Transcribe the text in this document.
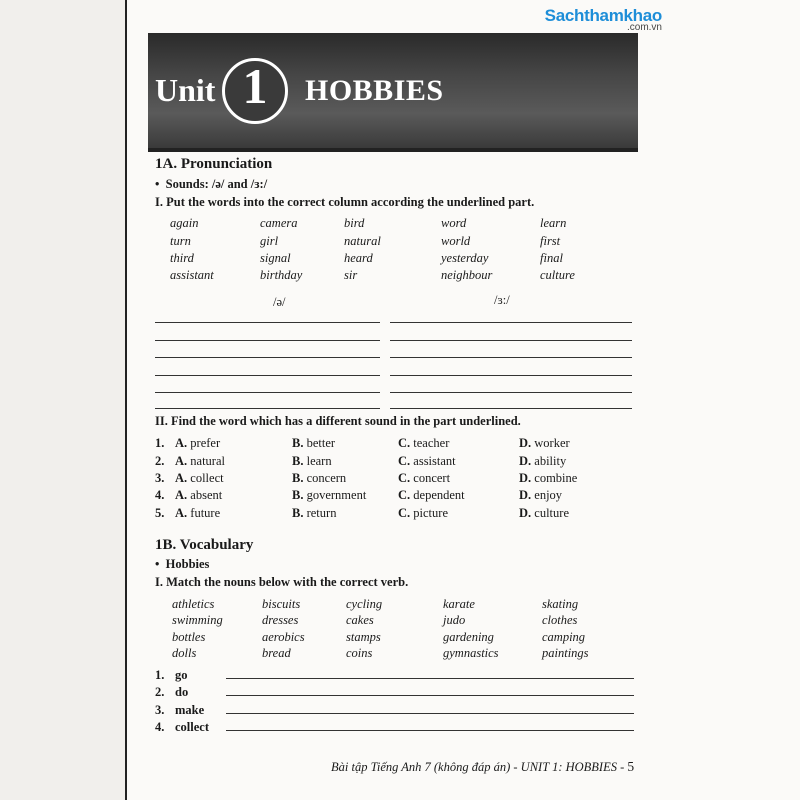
Sachthamkhao
.com.vn
Unit 1	HOBBIES
1A. Pronunciation
•  Sounds: /ə/ and /ɜ:/
I. Put the words into the correct column according the underlined part.
again	camera	bird	word	learn
turn	girl	natural	world	first
third	signal	heard	yesterday	final
assistant	birthday	sir	neighbour	culture
/ə/	/ɜ:/
II. Find the word which has a different sound in the part underlined.
1. A. prefer	B. better	C. teacher	D. worker
2. A. natural	B. learn	C. assistant	D. ability
3. A. collect	B. concern	C. concert	D. combine
4. A. absent	B. government	C. dependent	D. enjoy
5. A. future	B. return	C. picture	D. culture
1B. Vocabulary
•  Hobbies
I. Match the nouns below with the correct verb.
athletics	biscuits	cycling	karate	skating
swimming	dresses	cakes	judo	clothes
bottles	aerobics	stamps	gardening	camping
dolls	bread	coins	gymnastics	paintings
1. go
2. do
3. make
4. collect
Bài tập Tiếng Anh 7 (không đáp án) - UNIT 1: HOBBIES - 5
